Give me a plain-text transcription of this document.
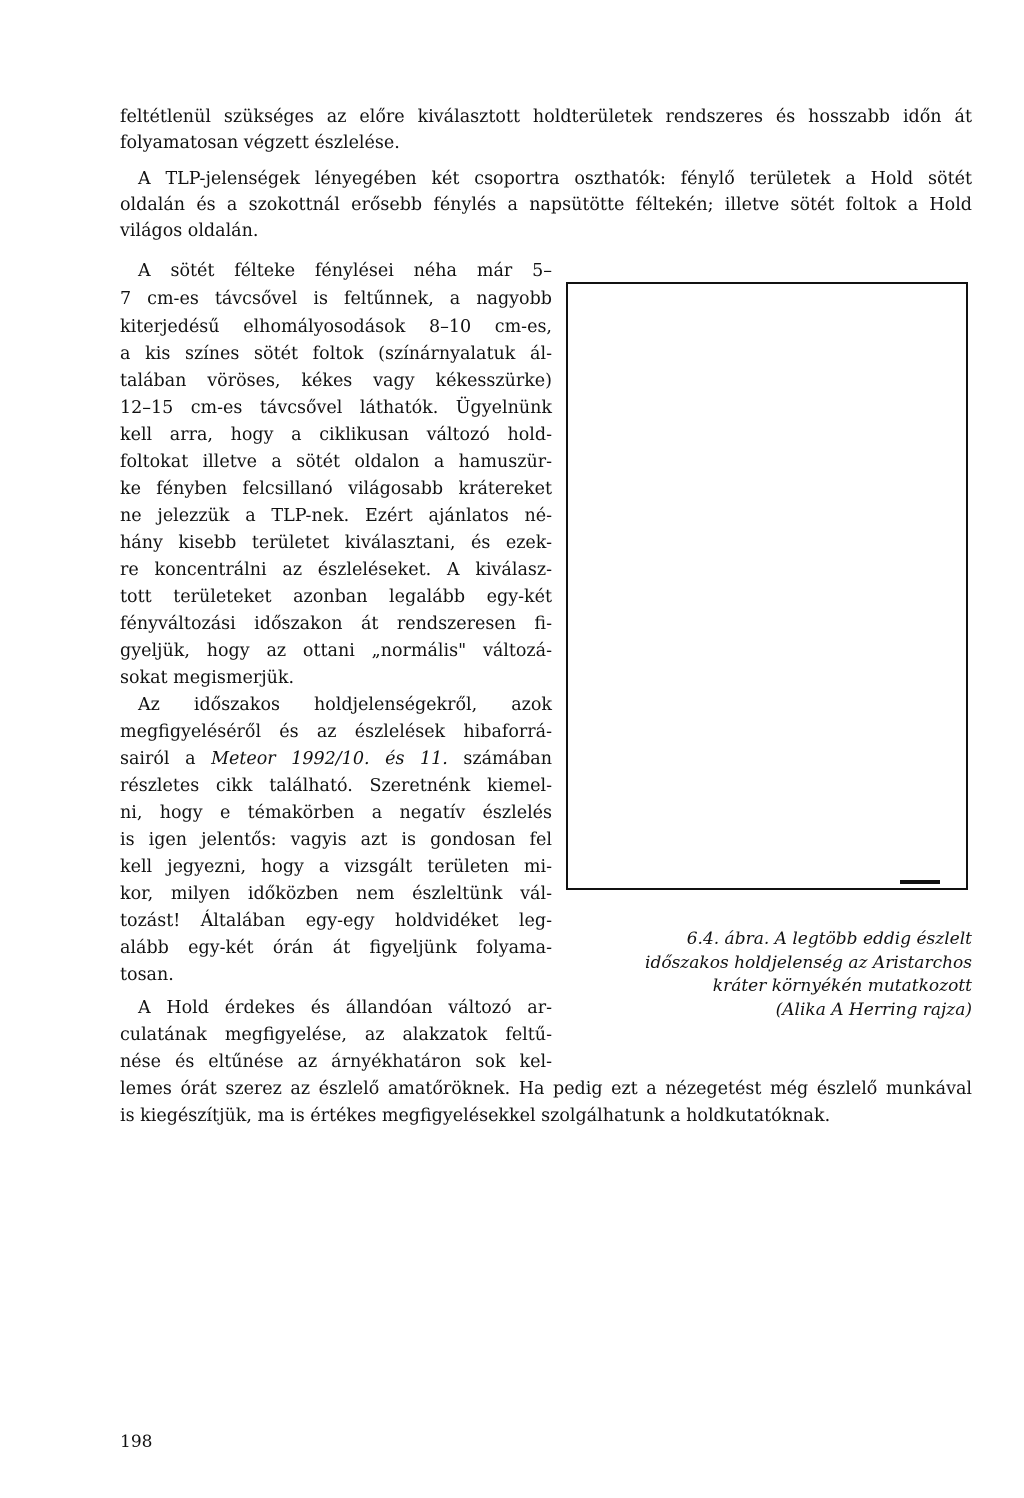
feltétlenül szükséges az előre kiválasztott holdterületek rendszeres és hosszabb időn át

folyamatosan végzett észlelése.

A TLP-jelenségek lényegében két csoportra oszthatók: fénylő területek a Hold sötét

oldalán és a szokottnál erősebb fénylés a napsütötte féltekén; illetve sötét foltok a Hold

világos oldalán.

A sötét félteke fénylései néha már 5–

7 cm-es távcsővel is feltűnnek, a nagyobb

kiterjedésű elhomályosodások 8–10 cm-es,

a kis színes sötét foltok (színárnyalatuk ál-

talában vöröses, kékes vagy kékesszürke)

12–15 cm-es távcsővel láthatók. Ügyelnünk

kell arra, hogy a ciklikusan változó hold-

foltokat illetve a sötét oldalon a hamuszür-

ke fényben felcsillanó világosabb krátereket

ne jelezzük a TLP-nek. Ezért ajánlatos né-

hány kisebb területet kiválasztani, és ezek-

re koncentrálni az észleléseket. A kiválasz-

tott területeket azonban legalább egy-két

fényváltozási időszakon át rendszeresen fi-

gyeljük, hogy az ottani „normális" változá-

sokat megismerjük.

Az időszakos holdjelenségekről, azok

megfigyeléséről és az észlelések hibaforrá-

sairól a Meteor 1992/10. és 11. számában

részletes cikk található. Szeretnénk kiemel-

ni, hogy e témakörben a negatív észlelés

is igen jelentős: vagyis azt is gondosan fel

kell jegyezni, hogy a vizsgált területen mi-

kor, milyen időközben nem észleltünk vál-

tozást! Általában egy-egy holdvidéket leg-

alább egy-két órán át figyeljünk folyama-

tosan.

A Hold érdekes és állandóan változó ar-

culatának megfigyelése, az alakzatok feltű-

nése és eltűnése az árnyékhatáron sok kel-

lemes órát szerez az észlelő amatőröknek. Ha pedig ezt a nézegetést még észlelő munkával

is kiegészítjük, ma is értékes megfigyelésekkel szolgálhatunk a holdkutatóknak.

6.4. ábra. A legtöbb eddig észlelt
időszakos holdjelenség az Aristarchos
kráter környékén mutatkozott
(Alika A Herring rajza)

198
